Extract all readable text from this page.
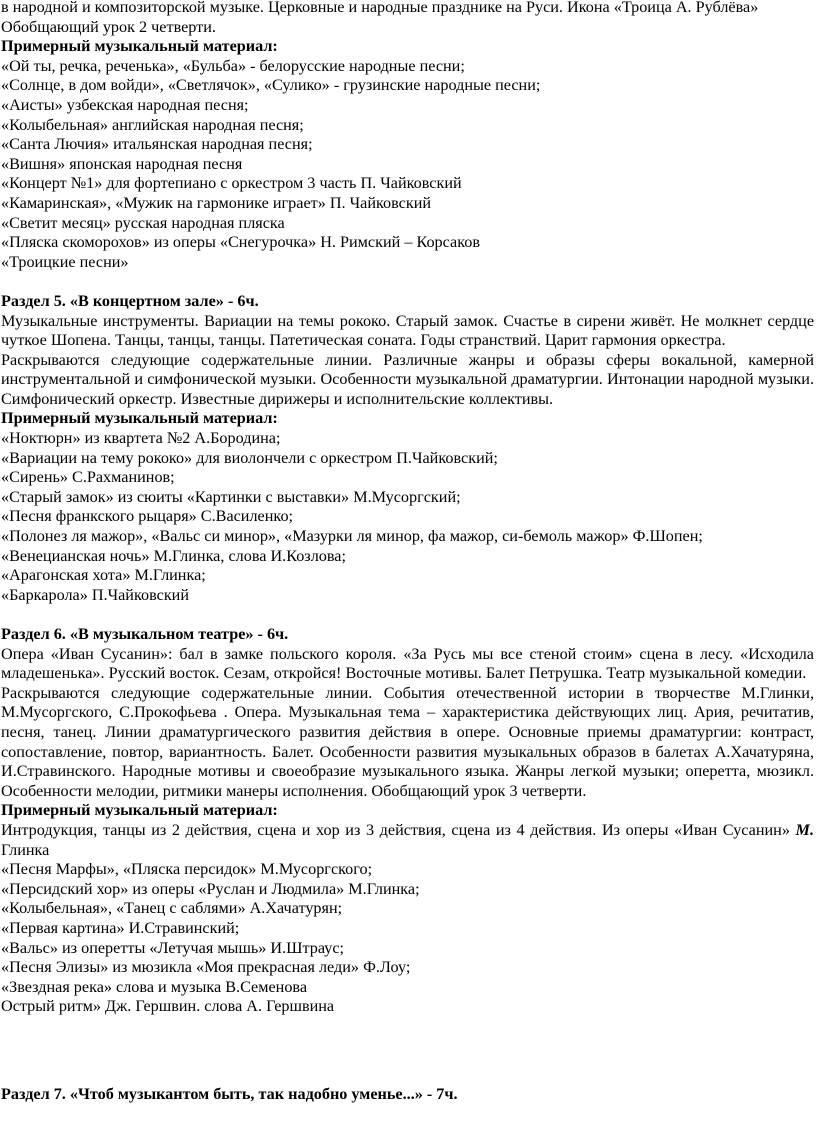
в народной и композиторской музыке. Церковные и народные празднике на Руси. Икона «Троица А. Рублёва»
Обобщающий урок 2 четверти.
Примерный музыкальный материал:
«Ой ты, речка, реченька», «Бульба» - белорусские народные песни;
«Солнце, в дом войди», «Светлячок», «Сулико» - грузинские народные песни;
«Аисты» узбекская народная песня;
«Колыбельная» английская народная песня;
«Санта Лючия» итальянская народная песня;
«Вишня» японская народная песня
«Концерт №1» для фортепиано с оркестром 3 часть П. Чайковский
«Камаринская», «Мужик на гармонике играет» П. Чайковский
«Светит месяц» русская народная пляска
«Пляска скоморохов» из оперы «Снегурочка» Н. Римский – Корсаков
«Троицкие песни»
Раздел 5. «В концертном зале» - 6ч.
Музыкальные инструменты. Вариации на темы рококо. Старый замок. Счастье в сирени живёт. Не молкнет сердце чуткое Шопена. Танцы, танцы, танцы. Патетическая соната. Годы странствий. Царит гармония оркестра.
Раскрываются следующие содержательные линии. Различные жанры и образы сферы вокальной, камерной инструментальной и симфонической музыки. Особенности музыкальной драматургии. Интонации народной музыки. Симфонический оркестр. Известные дирижеры и исполнительские коллективы.
Примерный музыкальный материал:
«Ноктюрн» из квартета №2 А.Бородина;
«Вариации на тему рококо» для виолончели с оркестром П.Чайковский;
«Сирень» С.Рахманинов;
«Старый замок» из сюиты «Картинки с выставки» М.Мусоргский;
«Песня франкского рыцаря» С.Василенко;
«Полонез ля мажор», «Вальс си минор», «Мазурки ля минор, фа мажор, си-бемоль мажор» Ф.Шопен;
«Венецианская ночь» М.Глинка, слова И.Козлова;
«Арагонская хота» М.Глинка;
«Баркарола» П.Чайковский
Раздел 6. «В музыкальном театре» - 6ч.
Опера «Иван Сусанин»: бал в замке польского короля. «За Русь мы все стеной стоим» сцена в лесу. «Исходила младешенька». Русский восток. Сезам, откройся! Восточные мотивы. Балет Петрушка. Театр музыкальной комедии.
Раскрываются следующие содержательные линии. События отечественной истории в творчестве М.Глинки, М.Мусоргского, С.Прокофьева . Опера. Музыкальная тема – характеристика действующих лиц. Ария, речитатив, песня, танец. Линии драматургического развития действия в опере. Основные приемы драматургии: контраст, сопоставление, повтор, вариантность. Балет. Особенности развития музыкальных образов в балетах А.Хачатуряна, И.Стравинского. Народные мотивы и своеобразие музыкального языка. Жанры легкой музыки; оперетта, мюзикл. Особенности мелодии, ритмики манеры исполнения. Обобщающий урок 3 четверти.
Примерный музыкальный материал:
Интродукция, танцы из 2 действия, сцена и хор из 3 действия, сцена из 4 действия. Из оперы «Иван Сусанин» М. Глинка
«Песня Марфы», «Пляска персидок» М.Мусоргского;
«Персидский хор» из оперы «Руслан и Людмила» М.Глинка;
«Колыбельная», «Танец с саблями» А.Хачатурян;
«Первая картина» И.Стравинский;
«Вальс» из оперетты «Летучая мышь» И.Штраус;
«Песня Элизы» из мюзикла «Моя прекрасная леди» Ф.Лоу;
«Звездная река» слова и музыка В.Семенова
Острый ритм» Дж. Гершвин. слова А. Гершвина
Раздел 7. «Чтоб музыкантом быть, так надобно уменье...» - 7ч.
